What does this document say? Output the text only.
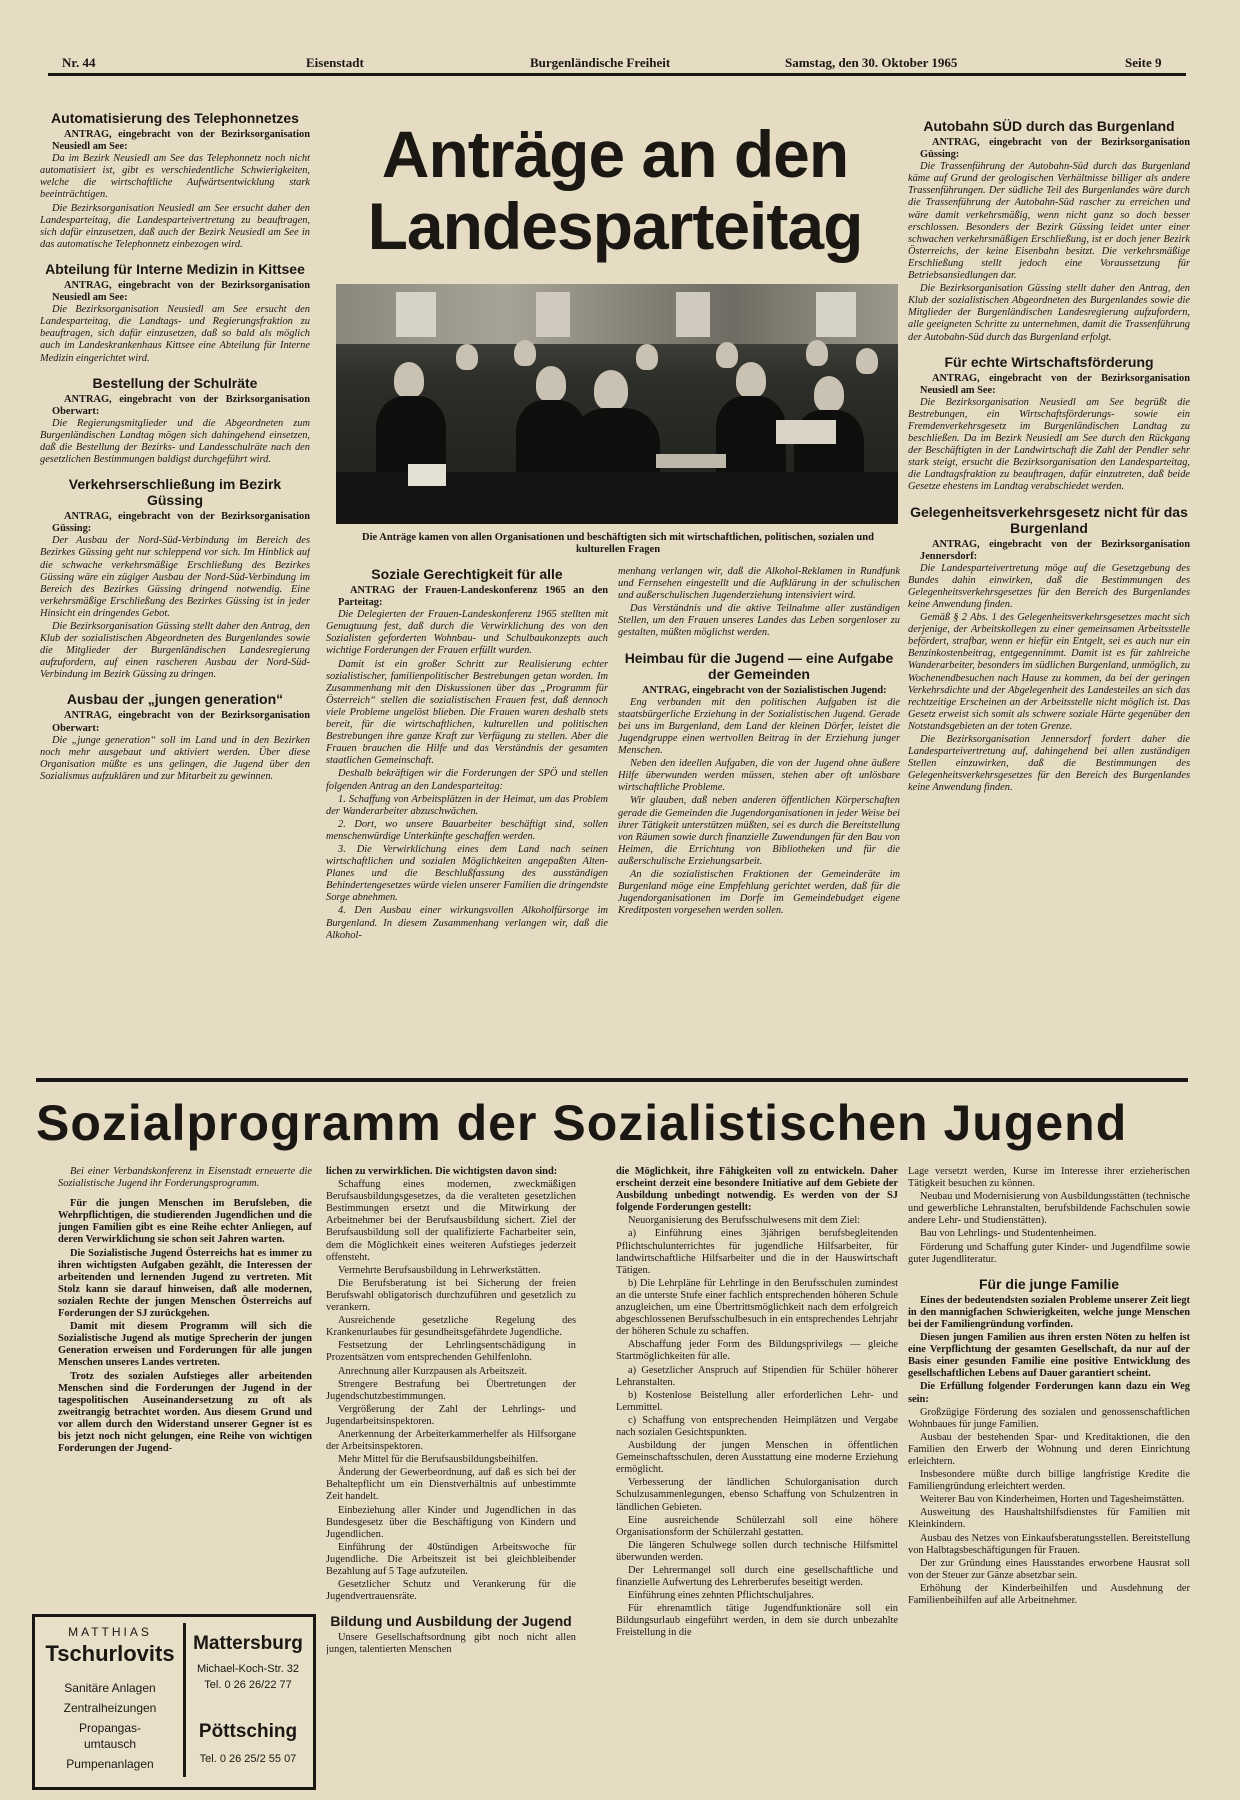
Nr. 44	Eisenstadt	Burgenländische Freiheit	Samstag, den 30. Oktober 1965	Seite 9
Automatisierung des Telephonnetzes

ANTRAG, eingebracht von der Bezirksorganisation Neusiedl am See:

Da im Bezirk Neusiedl am See das Telephonnetz noch nicht automatisiert ist, gibt es verschiedentliche Schwierigkeiten, welche die wirtschaftliche Aufwärtsentwicklung stark beeinträchtigen.

Die Bezirksorganisation Neusiedl am See ersucht daher den Landesparteitag, die Landesparteivertretung zu beauftragen, sich dafür einzusetzen, daß auch der Bezirk Neusiedl am See in das automatische Telephonnetz einbezogen wird.

Abteilung für Interne Medizin in Kittsee

ANTRAG, eingebracht von der Bezirksorganisation Neusiedl am See:

Die Bezirksorganisation Neusiedl am See ersucht den Landesparteitag, die Landtags- und Regierungsfraktion zu beauftragen, sich dafür einzusetzen, daß so bald als möglich auch im Landeskrankenhaus Kittsee eine Abteilung für Interne Medizin eingerichtet wird.

Bestellung der Schulräte

ANTRAG, eingebracht von der Bzirksorganisation Oberwart:

Die Regierungsmitglieder und die Abgeordneten zum Burgenländischen Landtag mögen sich dahingehend einsetzen, daß die Bestellung der Bezirks- und Landesschulräte nach den gesetzlichen Bestimmungen baldigst durchgeführt wird.

Verkehrserschließung im Bezirk Güssing

ANTRAG, eingebracht von der Bezirksorganisation Güssing:

Der Ausbau der Nord-Süd-Verbindung im Bereich des Bezirkes Güssing geht nur schleppend vor sich. Im Hinblick auf die schwache verkehrsmäßige Erschließung des Bezirkes Güssing wäre ein zügiger Ausbau der Nord-Süd-Verbindung im Bereich des Bezirkes Güssing dringend notwendig. Eine verkehrsmäßige Erschließung des Bezirkes Güssing ist in jeder Hinsicht ein dringendes Gebot.

Die Bezirksorganisation Güssing stellt daher den Antrag, den Klub der sozialistischen Abgeordneten des Burgenlandes sowie die Mitglieder der Burgenländischen Landesregierung aufzufordern, auf einen rascheren Ausbau der Nord-Süd-Verbindung im Bezirk Güssing zu dringen.

Ausbau der „jungen generation“

ANTRAG, eingebracht von der Bezirksorganisation Oberwart:

Die „junge generation“ soll im Land und in den Bezirken noch mehr ausgebaut und aktiviert werden. Über diese Organisation müßte es uns gelingen, die Jugend über den Sozialismus aufzuklären und zur Mitarbeit zu gewinnen.

Anträge an den
Landesparteitag
Die Anträge kamen von allen Organisationen und beschäftigten sich mit wirtschaftlichen, politischen, sozialen und kulturellen Fragen
Soziale Gerechtigkeit für alle

ANTRAG der Frauen-Landeskonferenz 1965 an den Parteitag:

Die Delegierten der Frauen-Landeskonferenz 1965 stellten mit Genugtuung fest, daß durch die Verwirklichung des von den Sozialisten geforderten Wohnbau- und Schulbaukonzepts auch wichtige Forderungen der Frauen erfüllt wurden.

Damit ist ein großer Schritt zur Realisierung echter sozialistischer, familienpolitischer Bestrebungen getan worden. Im Zusammenhang mit den Diskussionen über das „Programm für Österreich“ stellen die sozialistischen Frauen fest, daß dennoch viele Probleme ungelöst blieben. Die Frauen waren deshalb stets bereit, für die wirtschaftlichen, kulturellen und politischen Bestrebungen ihre ganze Kraft zur Verfügung zu stellen. Aber die Frauen brauchen die Hilfe und das Verständnis der gesamten staatlichen Gemeinschaft.

Deshalb bekräftigen wir die Forderungen der SPÖ und stellen folgenden Antrag an den Landesparteitag:

1. Schaffung von Arbeitsplätzen in der Heimat, um das Problem der Wanderarbeiter abzuschwächen.

2. Dort, wo unsere Bauarbeiter beschäftigt sind, sollen menschenwürdige Unterkünfte geschaffen werden.

3. Die Verwirklichung eines dem Land nach seinen wirtschaftlichen und sozialen Möglichkeiten angepaßten Alten-Planes und die Beschlußfassung des ausständigen Behindertengesetzes würde vielen unserer Familien die dringendste Sorge abnehmen.

4. Den Ausbau einer wirkungsvollen Alkoholfürsorge im Burgenland. In diesem Zusammenhang verlangen wir, daß die Alkohol-

menhang verlangen wir, daß die Alkohol-Reklamen in Rundfunk und Fernsehen eingestellt und die Aufklärung in der schulischen und außerschulischen Jugenderziehung intensiviert wird.

Das Verständnis und die aktive Teilnahme aller zuständigen Stellen, um den Frauen unseres Landes das Leben sorgenloser zu gestalten, müßten möglichst werden.

Heimbau für die Jugend — eine Aufgabe der Gemeinden

ANTRAG, eingebracht von der Sozialistischen Jugend:

Eng verbunden mit den politischen Aufgaben ist die staatsbürgerliche Erziehung in der Sozialistischen Jugend. Gerade bei uns im Burgenland, dem Land der kleinen Dörfer, leistet die Jugendgruppe einen wertvollen Beitrag in der Erziehung junger Menschen.

Neben den ideellen Aufgaben, die von der Jugend ohne äußere Hilfe überwunden werden müssen, stehen aber oft unlösbare wirtschaftliche Probleme.

Wir glauben, daß neben anderen öffentlichen Körperschaften gerade die Gemeinden die Jugendorganisationen in jeder Weise bei ihrer Tätigkeit unterstützen müßten, sei es durch die Bereitstellung von Räumen sowie durch finanzielle Zuwendungen für den Bau von Heimen, die Errichtung von Bibliotheken und für die außerschulische Erziehungsarbeit.

An die sozialistischen Fraktionen der Gemeinderäte im Burgenland möge eine Empfehlung gerichtet werden, daß für die Jugendorganisationen im Dorfe im Gemeindebudget eigene Kreditposten vorgesehen werden sollen.

Autobahn SÜD durch das Burgenland

ANTRAG, eingebracht von der Bezirksorganisation Güssing:

Die Trassenführung der Autobahn-Süd durch das Burgenland käme auf Grund der geologischen Verhältnisse billiger als andere Trassenführungen. Der südliche Teil des Burgenlandes wäre durch die Trassenführung der Autobahn-Süd rascher zu erreichen und wäre damit verkehrsmäßig, wenn nicht ganz so doch besser erschlossen. Besonders der Bezirk Güssing leidet unter einer schwachen verkehrsmäßigen Erschließung, ist er doch jener Bezirk Österreichs, der keine Eisenbahn besitzt. Die verkehrsmäßige Erschließung stellt jedoch eine Voraussetzung für Betriebsansiedlungen dar.

Die Bezirksorganisation Güssing stellt daher den Antrag, den Klub der sozialistischen Abgeordneten des Burgenlandes sowie die Mitglieder der Burgenländischen Landesregierung aufzufordern, alle geeigneten Schritte zu unternehmen, damit die Trassenführung der Autobahn-Süd durch das Burgenland erfolgt.

Für echte Wirtschaftsförderung

ANTRAG, eingebracht von der Bezirksorganisation Neusiedl am See:

Die Bezirksorganisation Neusiedl am See begrüßt die Bestrebungen, ein Wirtschaftsförderungs- sowie ein Fremdenverkehrsgesetz im Burgenländischen Landtag zu beschließen. Da im Bezirk Neusiedl am See durch den Rückgang der Beschäftigten in der Landwirtschaft die Zahl der Pendler sehr stark steigt, ersucht die Bezirksorganisation den Landesparteitag, die Landtagsfraktion zu beauftragen, dafür einzutreten, daß beide Gesetze ehestens im Landtag verabschiedet werden.

Gelegenheitsverkehrsgesetz nicht für das Burgenland

ANTRAG, eingebracht von der Bezirksorganisation Jennersdorf:

Die Landesparteivertretung möge auf die Gesetzgebung des Bundes dahin einwirken, daß die Bestimmungen des Gelegenheitsverkehrsgesetzes für den Bereich des Burgenlandes keine Anwendung finden.

Gemäß § 2 Abs. 1 des Gelegenheitsverkehrsgesetzes macht sich derjenige, der Arbeitskollegen zu einer gemeinsamen Arbeitsstelle befördert, strafbar, wenn er hiefür ein Entgelt, sei es auch nur ein Benzinkostenbeitrag, entgegennimmt. Damit ist es für zahlreiche Wanderarbeiter, besonders im südlichen Burgenland, unmöglich, zu Wochenendbesuchen nach Hause zu kommen, da bei der geringen Verkehrsdichte und der Abgelegenheit des Landesteiles an sich das rechtzeitige Erscheinen an der Arbeitsstelle nicht möglich ist. Das Gesetz erweist sich somit als schwere soziale Härte gegenüber den Notstandsgebieten an der toten Grenze.

Die Bezirksorganisation Jennersdorf fordert daher die Landesparteivertretung auf, dahingehend bei allen zuständigen Stellen einzuwirken, daß die Bestimmungen des Gelegenheitsverkehrsgesetzes für den Bereich des Burgenlandes keine Anwendung finden.

Sozialprogramm der Sozialistischen Jugend

Bei einer Verbandskonferenz in Eisenstadt erneuerte die Sozialistische Jugend ihr Forderungsprogramm.

Für die jungen Menschen im Berufsleben, die Wehrpflichtigen, die studierenden Jugendlichen und die jungen Familien gibt es eine Reihe echter Anliegen, auf deren Verwirklichung sie schon seit Jahren warten.

Die Sozialistische Jugend Österreichs hat es immer zu ihren wichtigsten Aufgaben gezählt, die Interessen der arbeitenden und lernenden Jugend zu vertreten. Mit Stolz kann sie darauf hinweisen, daß alle modernen, sozialen Rechte der jungen Menschen Österreichs auf Forderungen der SJ zurückgehen.

Damit mit diesem Programm will sich die Sozialistische Jugend als mutige Sprecherin der jungen Generation erweisen und Forderungen für alle jungen Menschen unseres Landes vertreten.

Trotz des sozialen Aufstieges aller arbeitenden Menschen sind die Forderungen der Jugend in der tagespolitischen Auseinandersetzung zu oft als zweitrangig betrachtet worden. Aus diesem Grund und vor allem durch den Widerstand unserer Gegner ist es bis jetzt noch nicht gelungen, eine Reihe von wichtigen Forderungen der Jugend-

MATTHIAS
Tschurlovits
Sanitäre Anlagen
Zentralheizungen
Propangas-
umtausch
Pumpenanlagen
Mattersburg
Michael-Koch-Str. 32
Tel. 0 26 26/22 77
Pöttsching
Tel. 0 26 25/2 55 07

lichen zu verwirklichen. Die wichtigsten davon sind:

Schaffung eines modernen, zweckmäßigen Berufsausbildungsgesetzes, da die veralteten gesetzlichen Bestimmungen ersetzt und die Mitwirkung der Arbeitnehmer bei der Berufsausbildung sichert. Ziel der Berufsausbildung soll der qualifizierte Facharbeiter sein, dem die Möglichkeit eines weiteren Aufstieges jederzeit offensteht.

Vermehrte Berufsausbildung in Lehrwerkstätten.

Die Berufsberatung ist bei Sicherung der freien Berufswahl obligatorisch durchzuführen und gesetzlich zu verankern.

Ausreichende gesetzliche Regelung des Krankenurlaubes für gesundheitsgefährdete Jugendliche.

Festsetzung der Lehrlingsentschädigung in Prozentsätzen vom entsprechenden Gehilfenlohn.

Anrechnung aller Kurzpausen als Arbeitszeit.

Strengere Bestrafung bei Übertretungen der Jugendschutzbestimmungen.

Vergrößerung der Zahl der Lehrlings- und Jugendarbeitsinspektoren.

Anerkennung der Arbeiterkammerhelfer als Hilfsorgane der Arbeitsinspektoren.

Mehr Mittel für die Berufsausbildungsbeihilfen.

Änderung der Gewerbeordnung, auf daß es sich bei der Behaltepflicht um ein Dienstverhältnis auf unbestimmte Zeit handelt.

Einbeziehung aller Kinder und Jugendlichen in das Bundesgesetz über die Beschäftigung von Kindern und Jugendlichen.

Einführung der 40stündigen Arbeitswoche für Jugendliche. Die Arbeitszeit ist bei gleichbleibender Bezahlung auf 5 Tage aufzuteilen.

Gesetzlicher Schutz und Verankerung für die Jugendvertrauensräte.

Bildung und Ausbildung der Jugend

Unsere Gesellschaftsordnung gibt noch nicht allen jungen, talentierten Menschen

die Möglichkeit, ihre Fähigkeiten voll zu entwickeln. Daher erscheint derzeit eine besondere Initiative auf dem Gebiete der Ausbildung unbedingt notwendig. Es werden von der SJ folgende Forderungen gestellt:

Neuorganisierung des Berufsschulwesens mit dem Ziel:

a) Einführung eines 3jährigen berufsbegleitenden Pflichtschulunterrichtes für jugendliche Hilfsarbeiter, für landwirtschaftliche Hilfsarbeiter und die in der Hauswirtschaft Tätigen.

b) Die Lehrpläne für Lehrlinge in den Berufsschulen zumindest an die unterste Stufe einer fachlich entsprechenden höheren Schule anzugleichen, um eine Übertrittsmöglichkeit nach dem erfolgreich abgeschlossenen Berufsschulbesuch in ein entsprechendes Lehrjahr der höheren Schule zu schaffen.

Abschaffung jeder Form des Bildungsprivilegs — gleiche Startmöglichkeiten für alle.

a) Gesetzlicher Anspruch auf Stipendien für Schüler höherer Lehranstalten.

b) Kostenlose Beistellung aller erforderlichen Lehr- und Lernmittel.

c) Schaffung von entsprechenden Heimplätzen und Vergabe nach sozialen Gesichtspunkten.

Ausbildung der jungen Menschen in öffentlichen Gemeinschaftsschulen, deren Ausstattung eine moderne Erziehung ermöglicht.

Verbesserung der ländlichen Schulorganisation durch Schulzusammenlegungen, ebenso Schaffung von Schulzentren in ländlichen Gebieten.

Eine ausreichende Schülerzahl soll eine höhere Organisationsform der Schülerzahl gestatten.

Die längeren Schulwege sollen durch technische Hilfsmittel überwunden werden.

Der Lehrermangel soll durch eine gesellschaftliche und finanzielle Aufwertung des Lehrerberufes beseitigt werden.

Einführung eines zehnten Pflichtschuljahres.

Für ehrenamtlich tätige Jugendfunktionäre soll ein Bildungsurlaub eingeführt werden, in dem sie durch unbezahlte Freistellung in die

Lage versetzt werden, Kurse im Interesse ihrer erzieherischen Tätigkeit besuchen zu können.

Neubau und Modernisierung von Ausbildungsstätten (technische und gewerbliche Lehranstalten, berufsbildende Fachschulen sowie andere Lehr- und Studienstätten).

Bau von Lehrlings- und Studentenheimen.

Förderung und Schaffung guter Kinder- und Jugendfilme sowie guter Jugendliteratur.

Für die junge Familie

Eines der bedeutendsten sozialen Probleme unserer Zeit liegt in den mannigfachen Schwierigkeiten, welche junge Menschen bei der Familiengründung vorfinden.

Diesen jungen Familien aus ihren ersten Nöten zu helfen ist eine Verpflichtung der gesamten Gesellschaft, da nur auf der Basis einer gesunden Familie eine positive Entwicklung des gesellschaftlichen Lebens auf Dauer garantiert scheint.

Die Erfüllung folgender Forderungen kann dazu ein Weg sein:

Großzügige Förderung des sozialen und genossenschaftlichen Wohnbaues für junge Familien.

Ausbau der bestehenden Spar- und Kreditaktionen, die den Familien den Erwerb der Wohnung und deren Einrichtung erleichtern.

Insbesondere müßte durch billige langfristige Kredite die Familiengründung erleichtert werden.

Weiterer Bau von Kinderheimen, Horten und Tagesheimstätten.

Ausweitung des Haushaltshilfsdienstes für Familien mit Kleinkindern.

Ausbau des Netzes von Einkaufsberatungsstellen. Bereitstellung von Halbtagsbeschäftigungen für Frauen.

Der zur Gründung eines Hausstandes erworbene Hausrat soll von der Steuer zur Gänze absetzbar sein.

Erhöhung der Kinderbeihilfen und Ausdehnung der Familienbeihilfen auf alle Arbeitnehmer.
